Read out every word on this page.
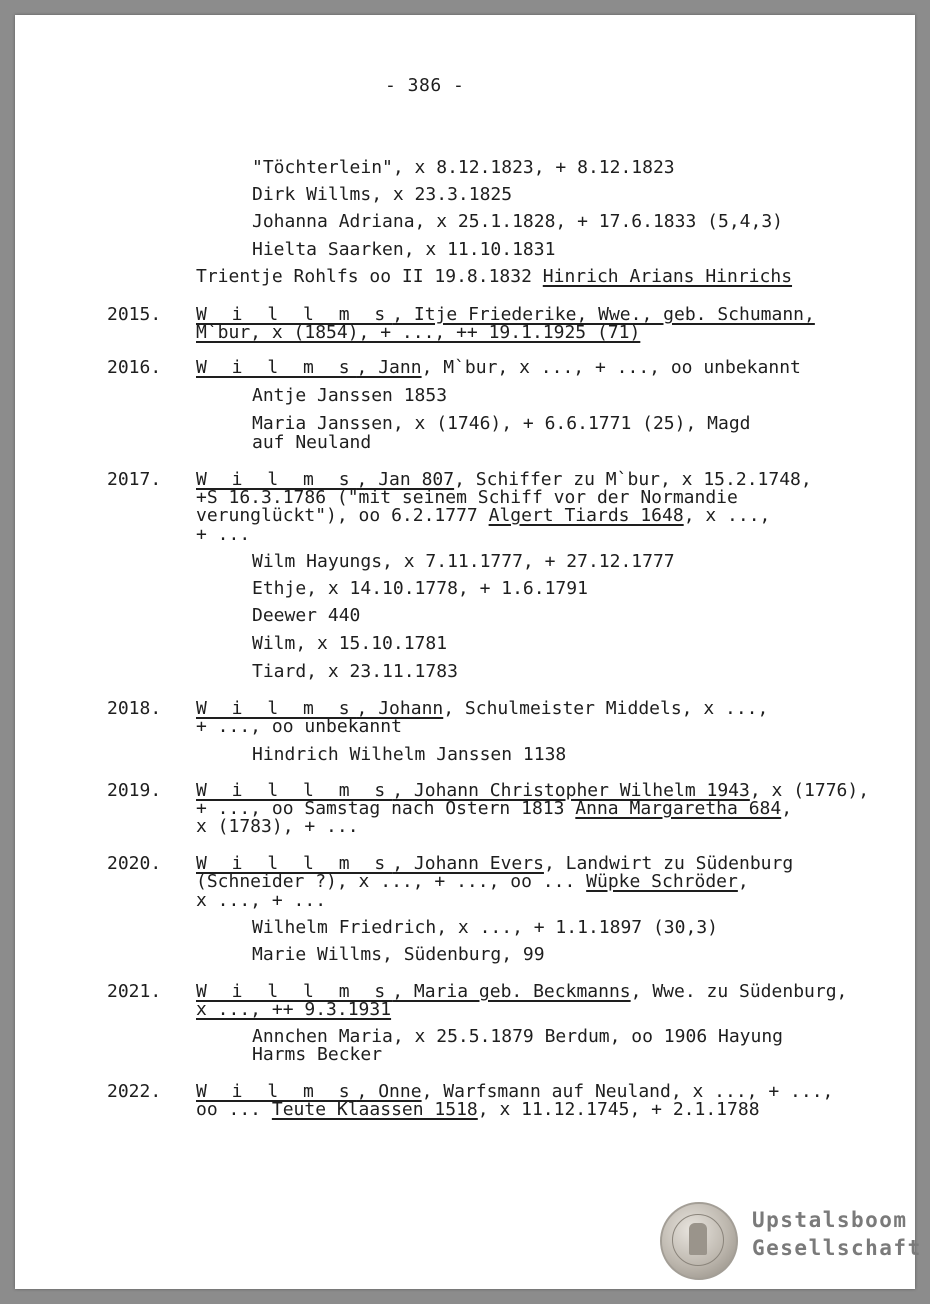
- 386 -
"Töchterlein", x 8.12.1823, + 8.12.1823
Dirk Willms, x 23.3.1825
Johanna Adriana, x 25.1.1828, + 17.6.1833 (5,4,3)
Hielta Saarken, x 11.10.1831
Trientje Rohlfs oo II 19.8.1832 Hinrich Arians Hinrichs
2015. W i l l m s, Itje Friederike, Wwe., geb. Schumann,
M`bur, x (1854), + ..., ++ 19.1.1925 (71)
2016. W i l m s, Jann, M`bur, x ..., + ..., oo unbekannt
Antje Janssen 1853
Maria Janssen, x (1746), + 6.6.1771 (25), Magd
auf Neuland
2017. W i l m s, Jan 807, Schiffer zu M`bur, x 15.2.1748,
+S 16.3.1786 ("mit seinem Schiff vor der Normandie
verunglückt"), oo 6.2.1777 Algert Tiards 1648, x ...,
+ ...
Wilm Hayungs, x 7.11.1777, + 27.12.1777
Ethje, x 14.10.1778, + 1.6.1791
Deewer 440
Wilm, x 15.10.1781
Tiard, x 23.11.1783
2018. W i l m s, Johann, Schulmeister Middels, x ...,
+ ..., oo unbekannt
Hindrich Wilhelm Janssen 1138
2019. W i l l m s, Johann Christopher Wilhelm 1943, x (1776),
+ ..., oo Samstag nach Ostern 1813 Anna Margaretha 684,
x (1783), + ...
2020. W i l l m s, Johann Evers, Landwirt zu Südenburg
(Schneider ?), x ..., + ..., oo ... Wüpke Schröder,
x ..., + ...
Wilhelm Friedrich, x ..., + 1.1.1897 (30,3)
Marie Willms, Südenburg, 99
2021. W i l l m s, Maria geb. Beckmanns, Wwe. zu Südenburg,
x ..., ++ 9.3.1931
Annchen Maria, x 25.5.1879 Berdum, oo 1906 Hayung
Harms Becker
2022. W i l m s, Onne, Warfsmann auf Neuland, x ..., + ...,
oo ... Teute Klaassen 1518, x 11.12.1745, + 2.1.1788
Upstalsboom
Gesellschaft
